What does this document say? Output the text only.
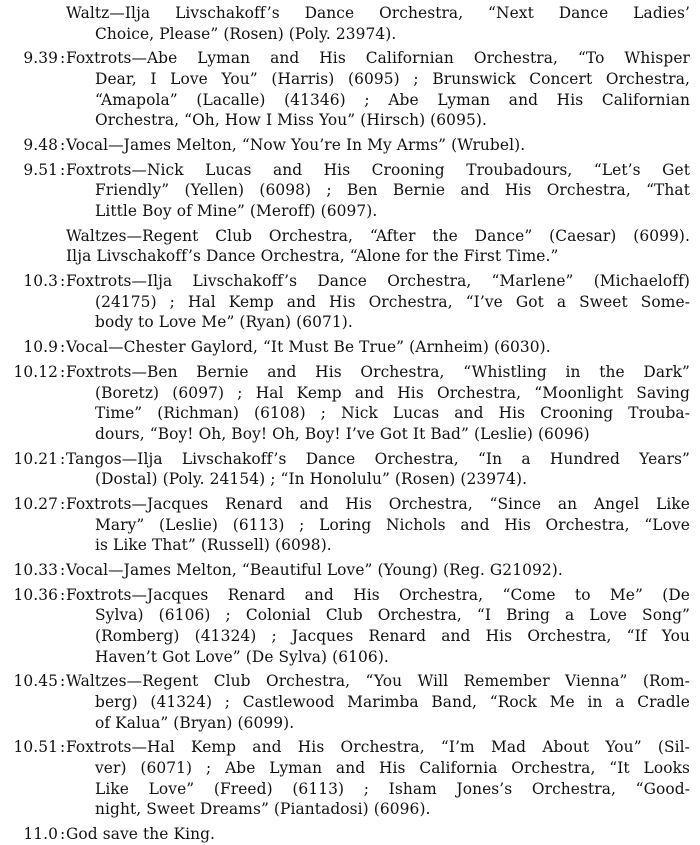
Waltz—Ilja Livschakoff’s Dance Orchestra, “Next Dance Ladies’
Choice, Please” (Rosen) (Poly. 23974).
9.39 : Foxtrots—Abe Lyman and His Californian Orchestra, “To Whisper
Dear, I Love You” (Harris) (6095) ; Brunswick Concert Orchestra,
“Amapola” (Lacalle) (41346) ; Abe Lyman and His Californian
Orchestra, “Oh, How I Miss You” (Hirsch) (6095).
9.48 : Vocal—James Melton, “Now You’re In My Arms” (Wrubel).
9.51 : Foxtrots—Nick Lucas and His Crooning Troubadours, “Let’s Get
Friendly” (Yellen) (6098) ; Ben Bernie and His Orchestra, “That
Little Boy of Mine” (Meroff) (6097).
Waltzes—Regent Club Orchestra, “After the Dance” (Caesar) (6099).
Ilja Livschakoff’s Dance Orchestra, “Alone for the First Time.”
10.3 : Foxtrots—Ilja Livschakoff’s Dance Orchestra, “Marlene” (Michaeloff)
(24175) ; Hal Kemp and His Orchestra, “I’ve Got a Sweet Some-
body to Love Me” (Ryan) (6071).
10.9 : Vocal—Chester Gaylord, “It Must Be True” (Arnheim) (6030).
10.12 : Foxtrots—Ben Bernie and His Orchestra, “Whistling in the Dark”
(Boretz) (6097) ; Hal Kemp and His Orchestra, “Moonlight Saving
Time” (Richman) (6108) ; Nick Lucas and His Crooning Trouba-
dours, “Boy! Oh, Boy! Oh, Boy! I’ve Got It Bad” (Leslie) (6096)
10.21 : Tangos—Ilja Livschakoff’s Dance Orchestra, “In a Hundred Years”
(Dostal) (Poly. 24154) ; “In Honolulu” (Rosen) (23974).
10.27 : Foxtrots—Jacques Renard and His Orchestra, “Since an Angel Like
Mary” (Leslie) (6113) ; Loring Nichols and His Orchestra, “Love
is Like That” (Russell) (6098).
10.33 : Vocal—James Melton, “Beautiful Love” (Young) (Reg. G21092).
10.36 : Foxtrots—Jacques Renard and His Orchestra, “Come to Me” (De
Sylva) (6106) ; Colonial Club Orchestra, “I Bring a Love Song”
(Romberg) (41324) ; Jacques Renard and His Orchestra, “If You
Haven’t Got Love” (De Sylva) (6106).
10.45 : Waltzes—Regent Club Orchestra, “You Will Remember Vienna” (Rom-
berg) (41324) ; Castlewood Marimba Band, “Rock Me in a Cradle
of Kalua” (Bryan) (6099).
10.51 : Foxtrots—Hal Kemp and His Orchestra, “I’m Mad About You” (Sil-
ver) (6071) ; Abe Lyman and His California Orchestra, “It Looks
Like Love” (Freed) (6113) ; Isham Jones’s Orchestra, “Good-
night, Sweet Dreams” (Piantadosi) (6096).
11.0 : God save the King.
